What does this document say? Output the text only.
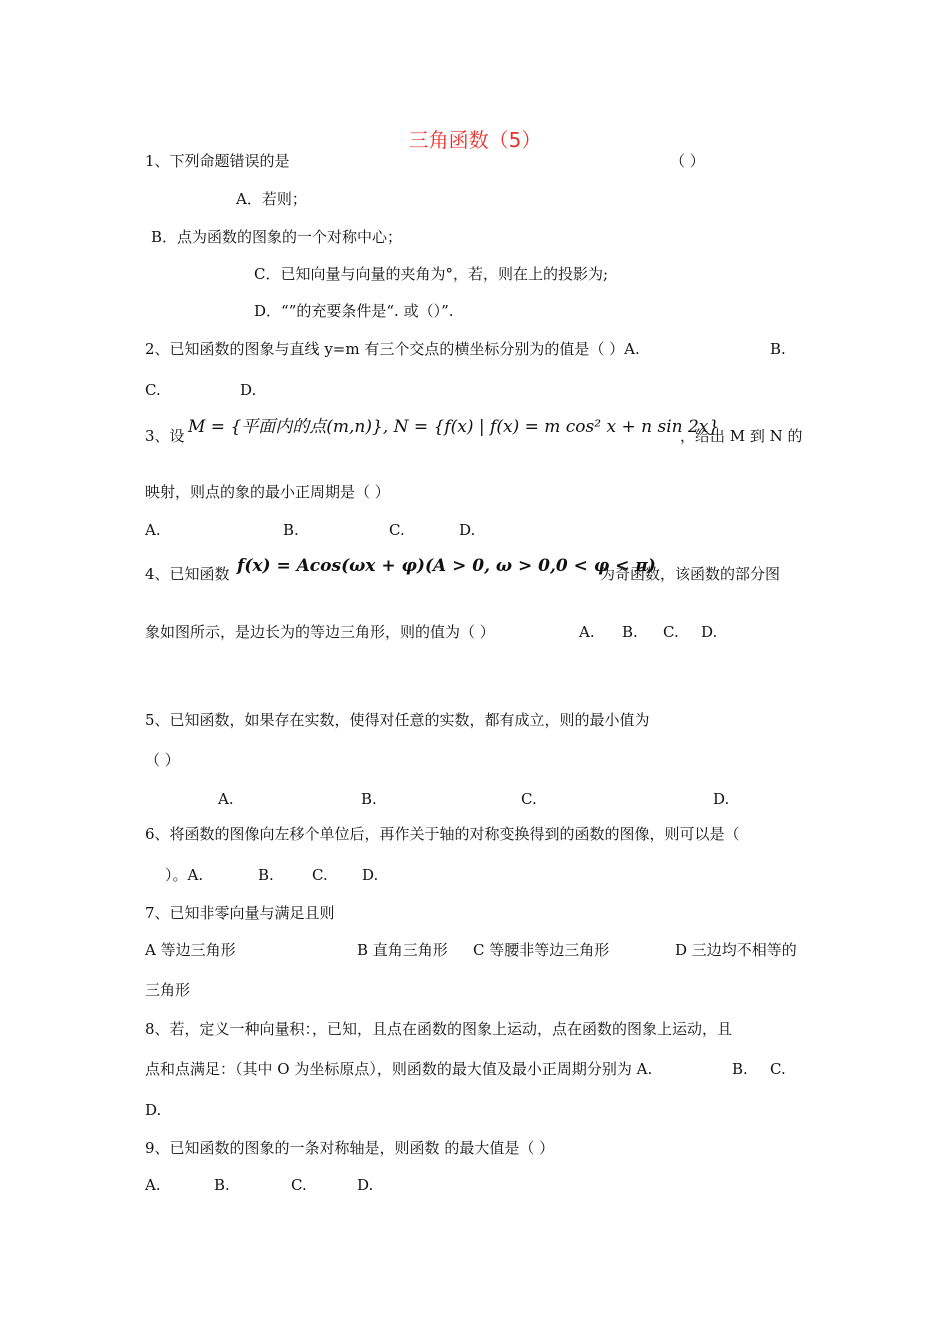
三角函数（5）
1、下列命题错误的是	（ ）
A．若则；
B．点为函数的图象的一个对称中心；
C．已知向量与向量的夹角为°，若，则在上的投影为;
D．“”的充要条件是“. 或（）”.
2、已知函数的图象与直线 y=m 有三个交点的横坐标分别为的值是（ ）A.	B.
C.	D.
3、设 M = {平面内的点(m,n)}, N = {f(x) | f(x) = m cos² x + n sin 2x}
，给出 M 到 N 的
映射，则点的象的最小正周期是（ ）
A.	B.	C.	D.
4、已知函数 f(x) = Acos(ωx + φ)(A > 0, ω > 0,0 < φ < π)
为奇函数，该函数的部分图
象如图所示，是边长为的等边三角形，则的值为（ ）	A. B. C. D.
5、已知函数，如果存在实数，使得对任意的实数，都有成立，则的最小值为
（ ）
A.	B.	C.	D.
6、将函数的图像向左移个单位后，再作关于轴的对称变换得到的函数的图像，则可以是（
）。A.	B.	C. D.
7、已知非零向量与满足且则
A 等边三角形	B 直角三角形 C 等腰非等边三角形	D 三边均不相等的
三角形
8、若，定义一种向量积：，已知，且点在函数的图象上运动，点在函数的图象上运动，且
点和点满足：（其中 O 为坐标原点），则函数的最大值及最小正周期分别为 A.	B. C.
D.
9、已知函数的图象的一条对称轴是，则函数 的最大值是（ ）
A.	B.	C.	D.
